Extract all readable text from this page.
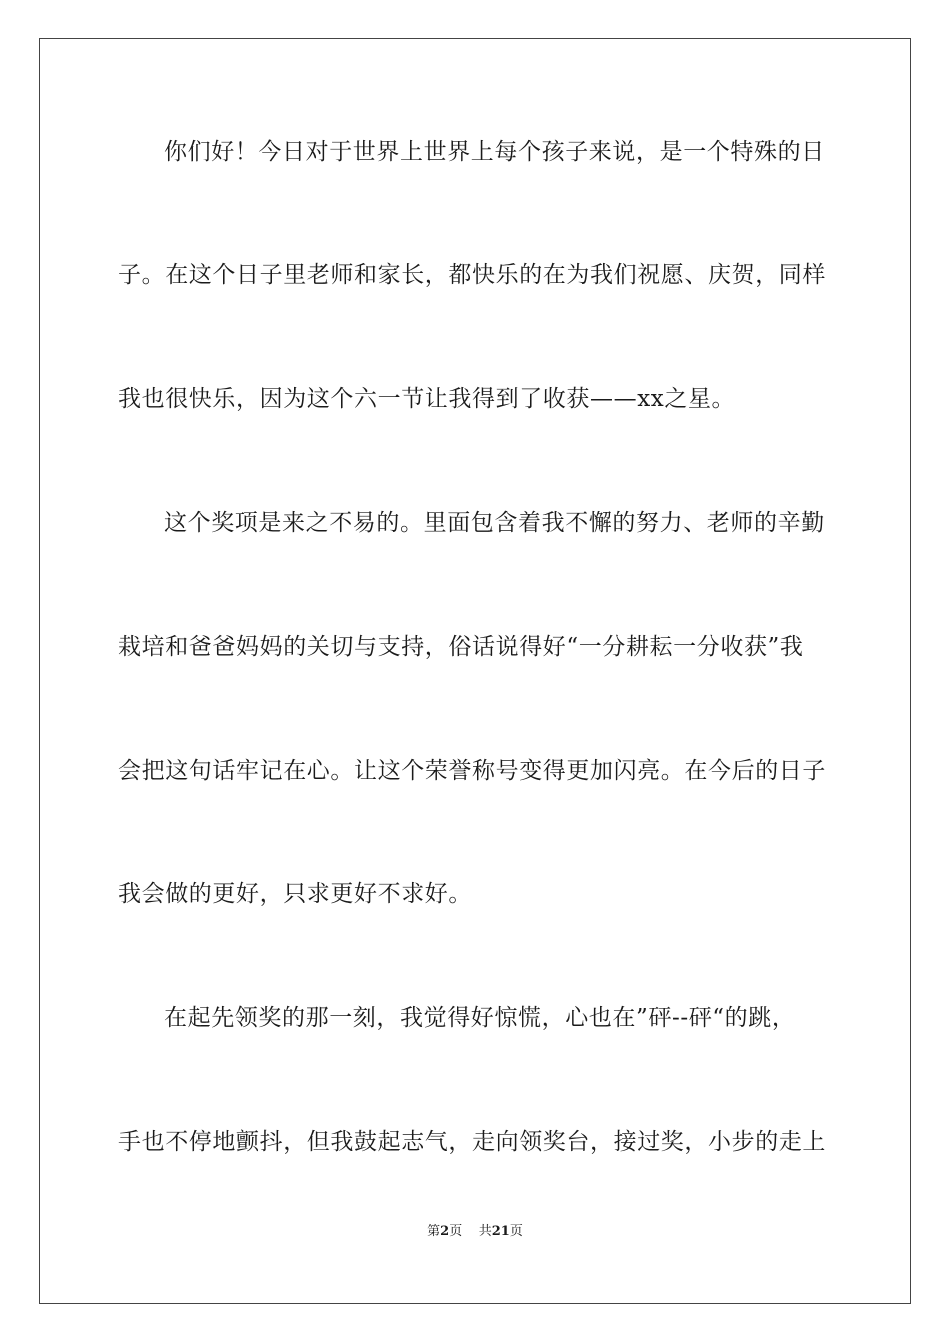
你们好！今日对于世界上世界上每个孩子来说，是一个特殊的日
子。在这个日子里老师和家长，都快乐的在为我们祝愿、庆贺，同样
我也很快乐，因为这个六一节让我得到了收获——xx之星。
这个奖项是来之不易的。里面包含着我不懈的努力、老师的辛勤
栽培和爸爸妈妈的关切与支持，俗话说得好“一分耕耘一分收获”我
会把这句话牢记在心。让这个荣誉称号变得更加闪亮。在今后的日子
我会做的更好，只求更好不求好。
在起先领奖的那一刻，我觉得好惊慌，心也在”砰--砰“的跳，
手也不停地颤抖，但我鼓起志气，走向领奖台，接过奖，小步的走上
第2页 共21页
